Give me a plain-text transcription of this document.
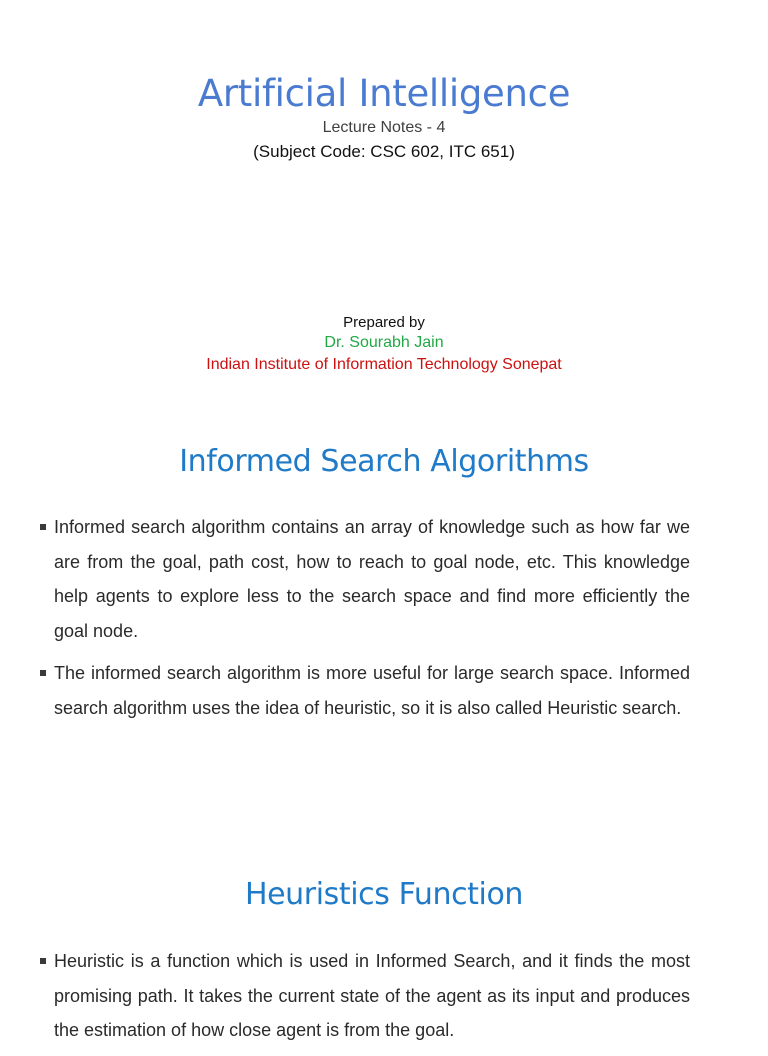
Artificial Intelligence
Lecture Notes - 4
(Subject Code: CSC 602, ITC 651)
Prepared by
Dr. Sourabh Jain
Indian Institute of Information Technology Sonepat
Informed Search Algorithms
Informed search algorithm contains an array of knowledge such as how far we are from the goal, path cost, how to reach to goal node, etc. This knowledge help agents to explore less to the search space and find more efficiently the goal node.
The informed search algorithm is more useful for large search space. Informed search algorithm uses the idea of heuristic, so it is also called Heuristic search.
Heuristics Function
Heuristic is a function which is used in Informed Search, and it finds the most promising path. It takes the current state of the agent as its input and produces the estimation of how close agent is from the goal.
